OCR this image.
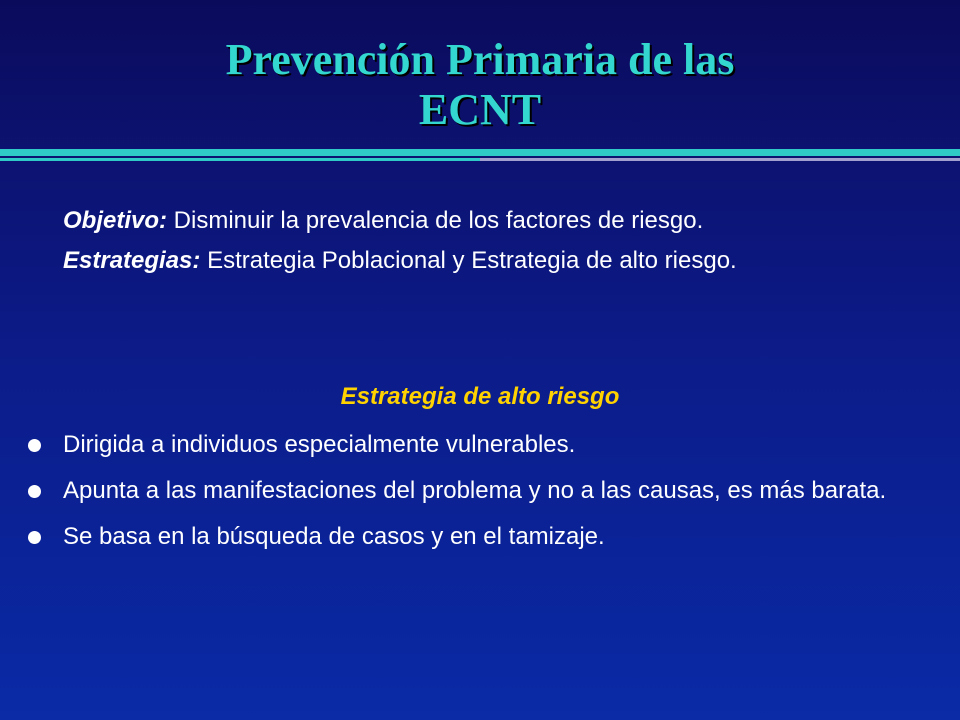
Prevención Primaria de las
ECNT

Objetivo: Disminuir la prevalencia de los factores de riesgo.

Estrategias: Estrategia Poblacional y Estrategia de alto riesgo.

Estrategia de alto riesgo
Dirigida a individuos especialmente vulnerables.
Apunta a las manifestaciones del problema y no a las causas, es más barata.
Se basa en la búsqueda de casos y en el tamizaje.
